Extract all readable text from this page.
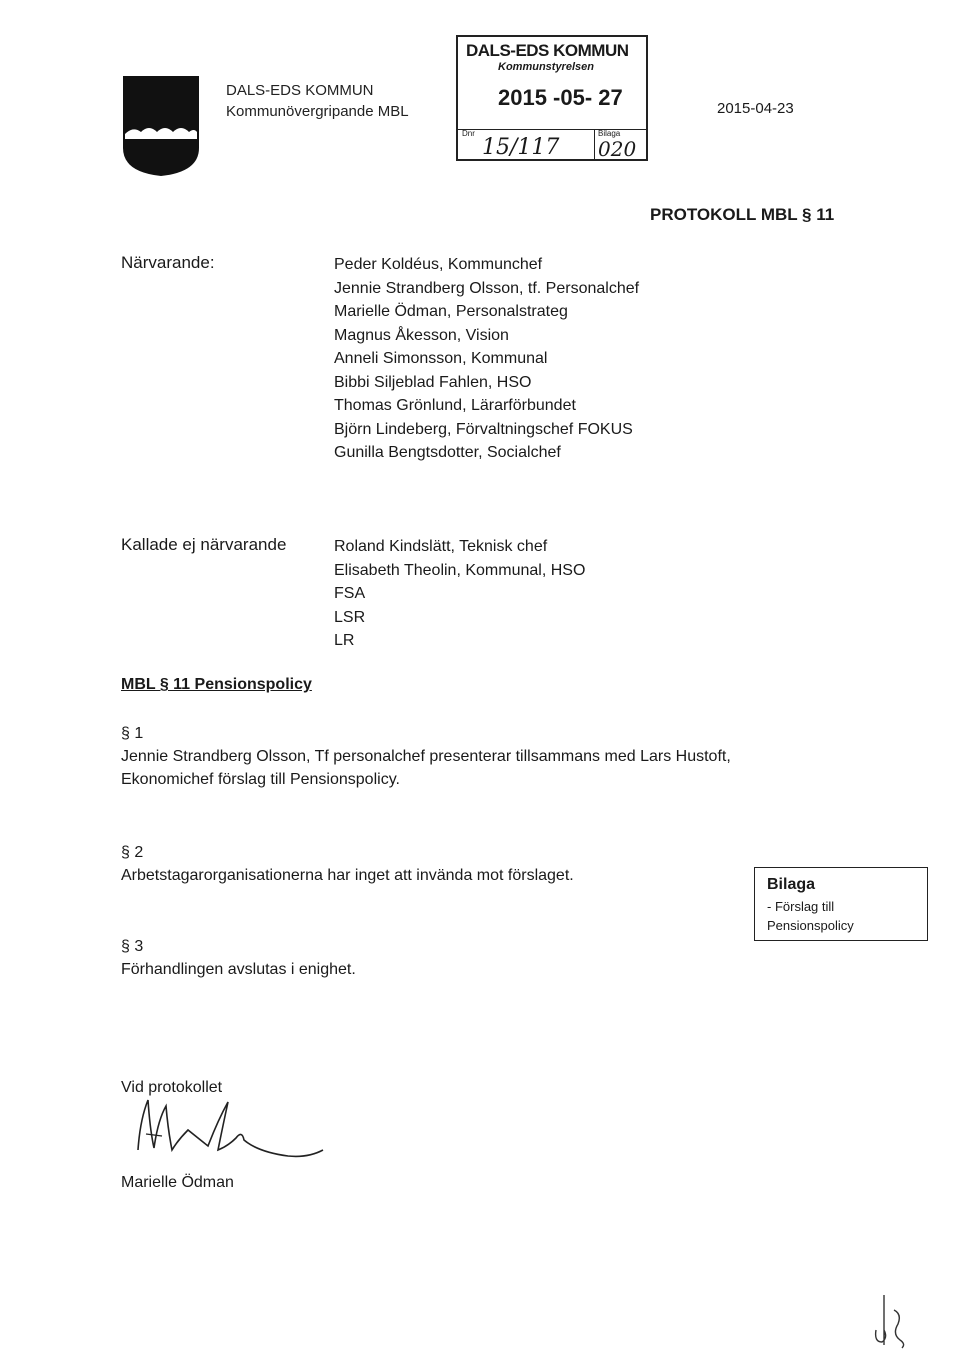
DALS-EDS KOMMUN
Kommunövergripande MBL
DALS-EDS KOMMUN
Kommunstyrelsen
2015 -05- 27
Dnr	Bilaga
15/117 020
2015-04-23
PROTOKOLL MBL § 11
Närvarande:	Peder Koldéus, Kommunchef
Jennie Strandberg Olsson, tf. Personalchef
Marielle Ödman, Personalstrateg
Magnus Åkesson, Vision
Anneli Simonsson, Kommunal
Bibbi Siljeblad Fahlen, HSO
Thomas Grönlund, Lärarförbundet
Björn Lindeberg, Förvaltningschef FOKUS
Gunilla Bengtsdotter, Socialchef
Kallade ej närvarande	Roland Kindslätt, Teknisk chef
Elisabeth Theolin, Kommunal, HSO
FSA
LSR
LR
MBL § 11 Pensionspolicy
§ 1
Jennie Strandberg Olsson, Tf personalchef presenterar tillsammans med Lars Hustoft,
Ekonomichef förslag till Pensionspolicy.
§ 2
Arbetstagarorganisationerna har inget att invända mot förslaget.
§ 3
Förhandlingen avslutas i enighet.
Bilaga
- Förslag till
Pensionspolicy
Vid protokollet
Marielle Ödman
